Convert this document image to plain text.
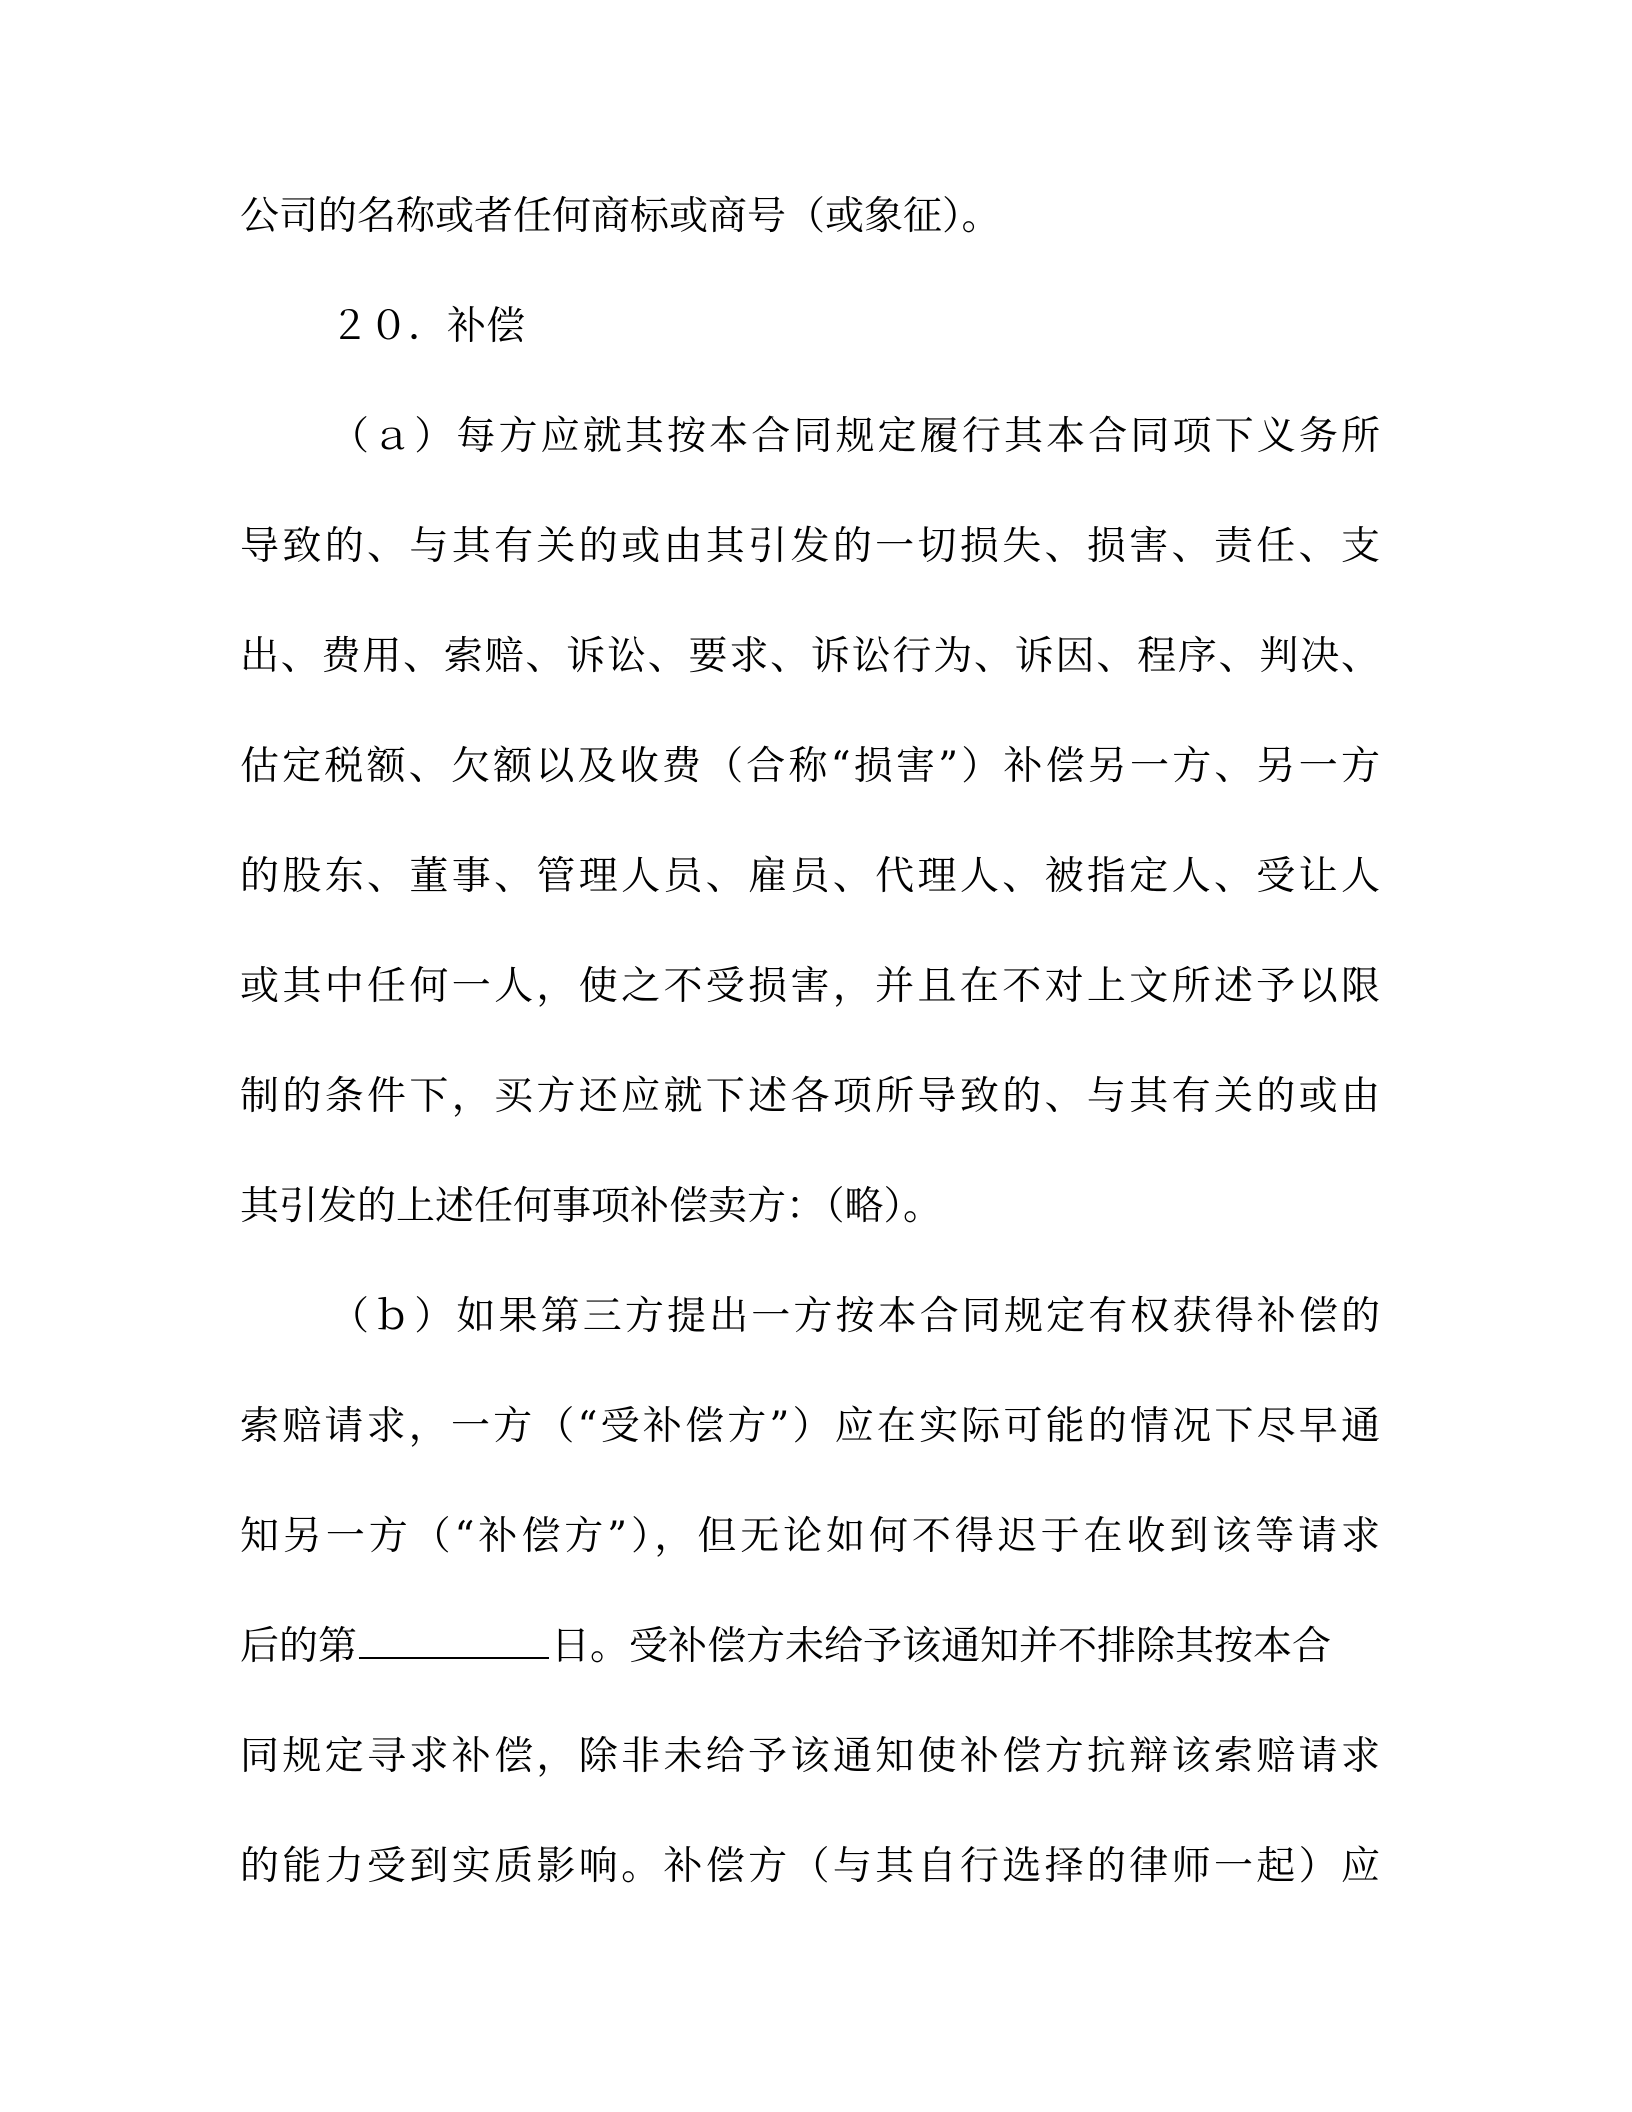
公司的名称或者任何商标或商号（或象征）。
２０．补偿
（ａ）每方应就其按本合同规定履行其本合同项下义务所
导致的、与其有关的或由其引发的一切损失、损害、责任、支
出、费用、索赔、诉讼、要求、诉讼行为、诉因、程序、判决、
估定税额、欠额以及收费（合称“损害”）补偿另一方、另一方
的股东、董事、管理人员、雇员、代理人、被指定人、受让人
或其中任何一人，使之不受损害，并且在不对上文所述予以限
制的条件下，买方还应就下述各项所导致的、与其有关的或由
其引发的上述任何事项补偿卖方：（略）。
（ｂ）如果第三方提出一方按本合同规定有权获得补偿的
索赔请求，一方（“受补偿方”）应在实际可能的情况下尽早通
知另一方（“补偿方”），但无论如何不得迟于在收到该等请求
后的第	日。受补偿方未给予该通知并不排除其按本合
同规定寻求补偿，除非未给予该通知使补偿方抗辩该索赔请求
的能力受到实质影响。补偿方（与其自行选择的律师一起）应
